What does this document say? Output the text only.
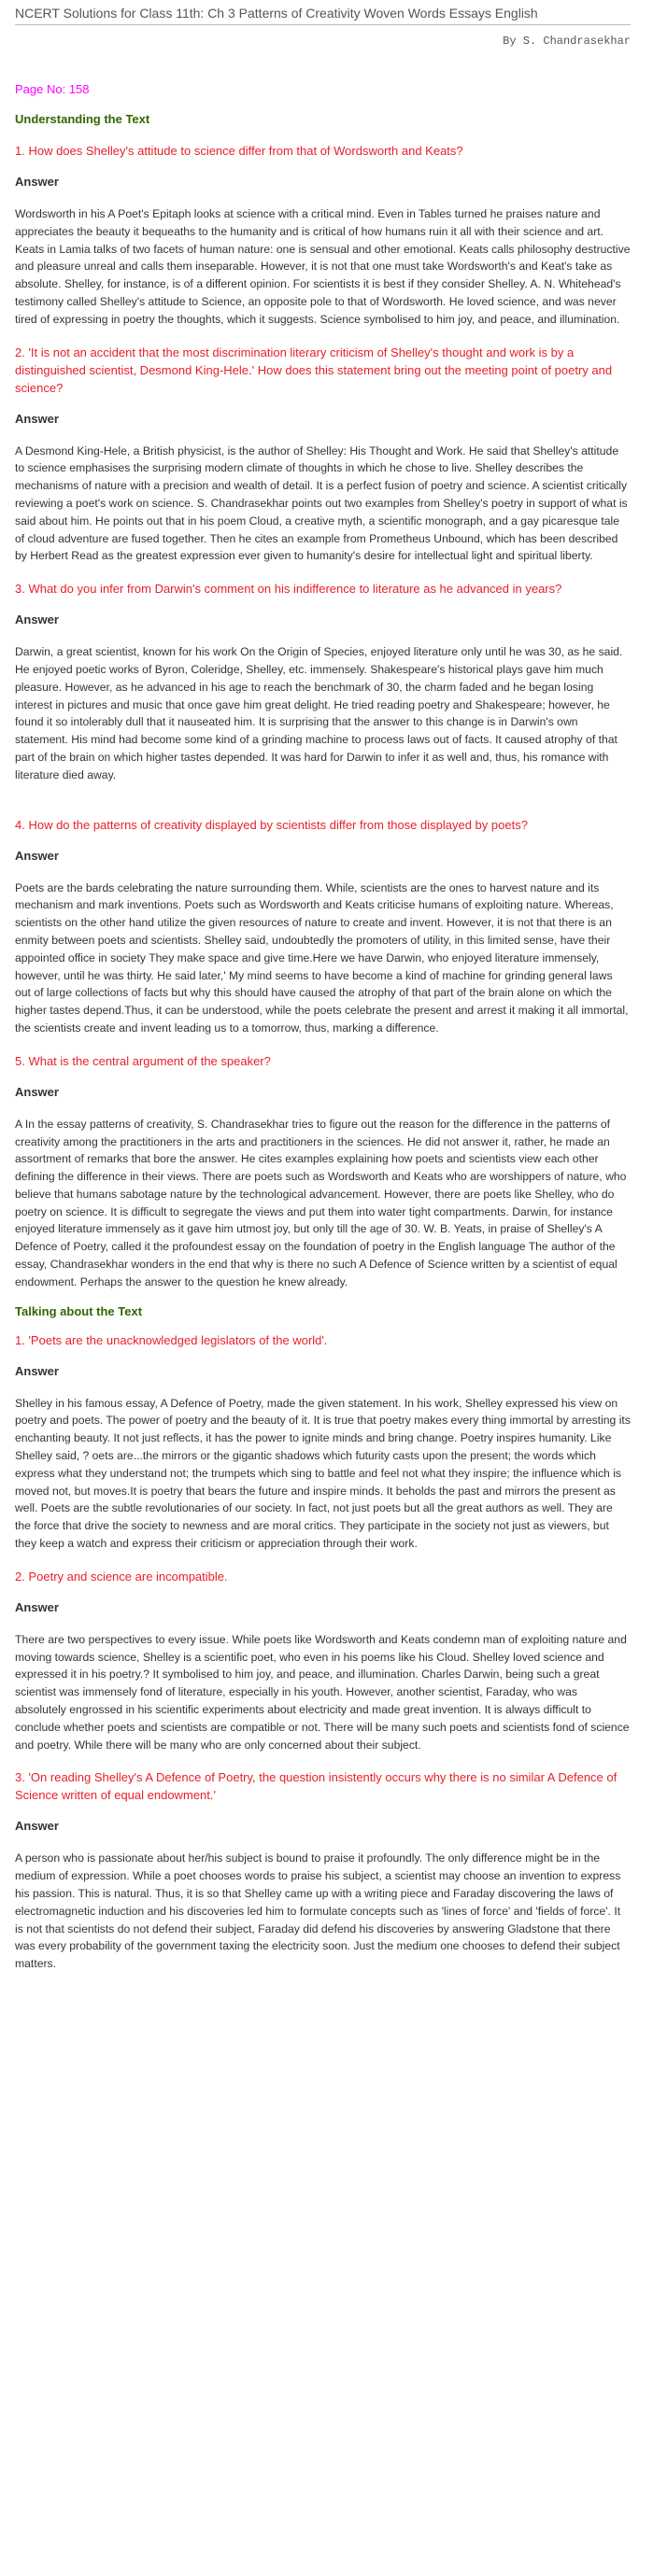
NCERT Solutions for Class 11th: Ch 3 Patterns of Creativity Woven Words Essays English

By S. Chandrasekhar

Page No: 158

Understanding the Text

1. How does Shelley's attitude to science differ from that of Wordsworth and Keats?

Answer

Wordsworth in his A Poet's Epitaph looks at science with a critical mind. Even in Tables turned he praises nature and appreciates the beauty it bequeaths to the humanity and is critical of how humans ruin it all with their science and art. Keats in Lamia talks of two facets of human nature: one is sensual and other emotional. Keats calls philosophy destructive and pleasure unreal and calls them inseparable. However, it is not that one must take Wordsworth's and Keat's take as absolute. Shelley, for instance, is of a different opinion. For scientists it is best if they consider Shelley. A. N. Whitehead's testimony called Shelley's attitude to Science, an opposite pole to that of Wordsworth. He loved science, and was never tired of expressing in poetry the thoughts, which it suggests. Science symbolised to him joy, and peace, and illumination.

2. 'It is not an accident that the most discrimination literary criticism of Shelley's thought and work is by a distinguished scientist, Desmond King-Hele.' How does this statement bring out the meeting point of poetry and science?

Answer

A Desmond King-Hele, a British physicist, is the author of Shelley: His Thought and Work. He said that Shelley's attitude to science emphasises the surprising modern climate of thoughts in which he chose to live. Shelley describes the mechanisms of nature with a precision and wealth of detail. It is a perfect fusion of poetry and science. A scientist critically reviewing a poet's work on science. S. Chandrasekhar points out two examples from Shelley's poetry in support of what is said about him. He points out that in his poem Cloud, a creative myth, a scientific monograph, and a gay picaresque tale of cloud adventure are fused together. Then he cites an example from Prometheus Unbound, which has been described by Herbert Read as the greatest expression ever given to humanity's desire for intellectual light and spiritual liberty.

3. What do you infer from Darwin's comment on his indifference to literature as he advanced in years?

Answer

Darwin, a great scientist, known for his work On the Origin of Species, enjoyed literature only until he was 30, as he said. He enjoyed poetic works of Byron, Coleridge, Shelley, etc. immensely. Shakespeare's historical plays gave him much pleasure. However, as he advanced in his age to reach the benchmark of 30, the charm faded and he began losing interest in pictures and music that once gave him great delight. He tried reading poetry and Shakespeare; however, he found it so intolerably dull that it nauseated him. It is surprising that the answer to this change is in Darwin's own statement. His mind had become some kind of a grinding machine to process laws out of facts. It caused atrophy of that part of the brain on which higher tastes depended. It was hard for Darwin to infer it as well and, thus, his romance with literature died away.

4. How do the patterns of creativity displayed by scientists differ from those displayed by poets?

Answer

Poets are the bards celebrating the nature surrounding them. While, scientists are the ones to harvest nature and its mechanism and mark inventions. Poets such as Wordsworth and Keats criticise humans of exploiting nature. Whereas, scientists on the other hand utilize the given resources of nature to create and invent. However, it is not that there is an enmity between poets and scientists. Shelley said, undoubtedly the promoters of utility, in this limited sense, have their appointed office in society They make space and give time.Here we have Darwin, who enjoyed literature immensely, however, until he was thirty. He said later,' My mind seems to have become a kind of machine for grinding general laws out of large collections of facts but why this should have caused the atrophy of that part of the brain alone on which the higher tastes depend.Thus, it can be understood, while the poets celebrate the present and arrest it making it all immortal, the scientists create and invent leading us to a tomorrow, thus, marking a difference.

5. What is the central argument of the speaker?

Answer

A In the essay patterns of creativity, S. Chandrasekhar tries to figure out the reason for the difference in the patterns of creativity among the practitioners in the arts and practitioners in the sciences. He did not answer it, rather, he made an assortment of remarks that bore the answer. He cites examples explaining how poets and scientists view each other defining the difference in their views. There are poets such as Wordsworth and Keats who are worshippers of nature, who believe that humans sabotage nature by the technological advancement. However, there are poets like Shelley, who do poetry on science. It is difficult to segregate the views and put them into water tight compartments. Darwin, for instance enjoyed literature immensely as it gave him utmost joy, but only till the age of 30. W. B. Yeats, in praise of Shelley's A Defence of Poetry, called it the profoundest essay on the foundation of poetry in the English language The author of the essay, Chandrasekhar wonders in the end that why is there no such A Defence of Science written by a scientist of equal endowment. Perhaps the answer to the question he knew already.

Talking about the Text

1. 'Poets are the unacknowledged legislators of the world'.

Answer

Shelley in his famous essay, A Defence of Poetry, made the given statement. In his work, Shelley expressed his view on poetry and poets. The power of poetry and the beauty of it. It is true that poetry makes every thing immortal by arresting its enchanting beauty. It not just reflects, it has the power to ignite minds and bring change. Poetry inspires humanity. Like Shelley said, ? oets are...the mirrors or the gigantic shadows which futurity casts upon the present; the words which express what they understand not; the trumpets which sing to battle and feel not what they inspire; the influence which is moved not, but moves.It is poetry that bears the future and inspire minds. It beholds the past and mirrors the present as well. Poets are the subtle revolutionaries of our society. In fact, not just poets but all the great authors as well. They are the force that drive the society to newness and are moral critics. They participate in the society not just as viewers, but they keep a watch and express their criticism or appreciation through their work.

2. Poetry and science are incompatible.

Answer

There are two perspectives to every issue. While poets like Wordsworth and Keats condemn man of exploiting nature and moving towards science, Shelley is a scientific poet, who even in his poems like his Cloud. Shelley loved science and expressed it in his poetry.? It symbolised to him joy, and peace, and illumination. Charles Darwin, being such a great scientist was immensely fond of literature, especially in his youth. However, another scientist, Faraday, who was absolutely engrossed in his scientific experiments about electricity and made great invention. It is always difficult to conclude whether poets and scientists are compatible or not. There will be many such poets and scientists fond of science and poetry. While there will be many who are only concerned about their subject.

3. 'On reading Shelley's A Defence of Poetry, the question insistently occurs why there is no similar A Defence of Science written of equal endowment.'

Answer

A person who is passionate about her/his subject is bound to praise it profoundly. The only difference might be in the medium of expression. While a poet chooses words to praise his subject, a scientist may choose an invention to express his passion. This is natural. Thus, it is so that Shelley came up with a writing piece and Faraday discovering the laws of electromagnetic induction and his discoveries led him to formulate concepts such as 'lines of force' and 'fields of force'. It is not that scientists do not defend their subject, Faraday did defend his discoveries by answering Gladstone that there was every probability of the government taxing the electricity soon. Just the medium one chooses to defend their subject matters.
